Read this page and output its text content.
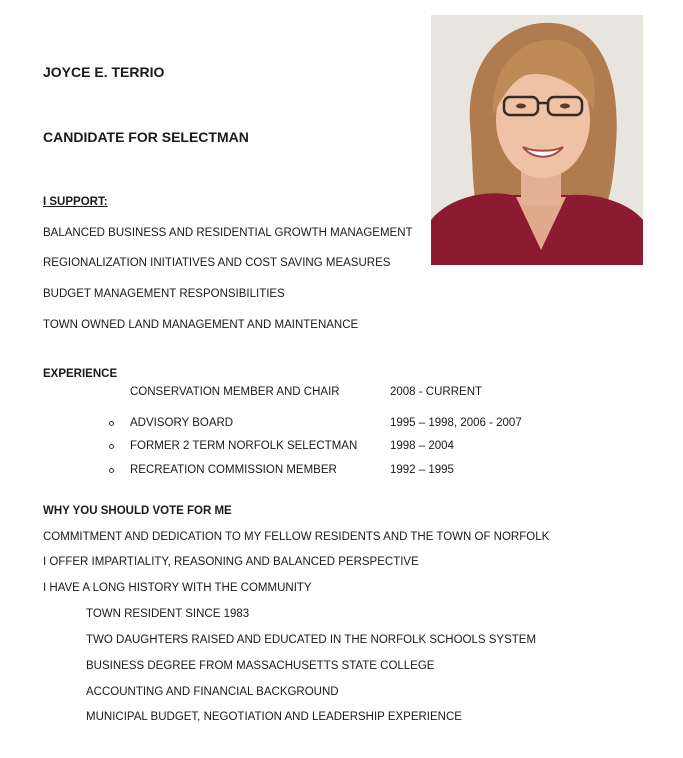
JOYCE E. TERRIO
CANDIDATE FOR SELECTMAN
I SUPPORT:
BALANCED BUSINESS AND RESIDENTIAL GROWTH MANAGEMENT
REGIONALIZATION INITIATIVES AND COST SAVING MEASURES
BUDGET MANAGEMENT RESPONSIBILITIES
TOWN OWNED LAND MANAGEMENT AND MAINTENANCE
EXPERIENCE
CONSERVATION MEMBER AND CHAIR	2008 - CURRENT
ADVISORY BOARD	1995 – 1998, 2006 - 2007
FORMER 2 TERM NORFOLK SELECTMAN	1998 – 2004
RECREATION COMMISSION MEMBER	1992 – 1995
WHY YOU SHOULD VOTE FOR ME
COMMITMENT AND DEDICATION TO MY FELLOW RESIDENTS AND THE TOWN OF NORFOLK
I OFFER IMPARTIALITY, REASONING AND BALANCED PERSPECTIVE
I HAVE A LONG HISTORY WITH THE COMMUNITY
TOWN RESIDENT SINCE 1983
TWO DAUGHTERS RAISED AND EDUCATED IN THE NORFOLK SCHOOLS SYSTEM
BUSINESS DEGREE FROM MASSACHUSETTS STATE COLLEGE
ACCOUNTING AND FINANCIAL BACKGROUND
MUNICIPAL BUDGET, NEGOTIATION AND LEADERSHIP EXPERIENCE
